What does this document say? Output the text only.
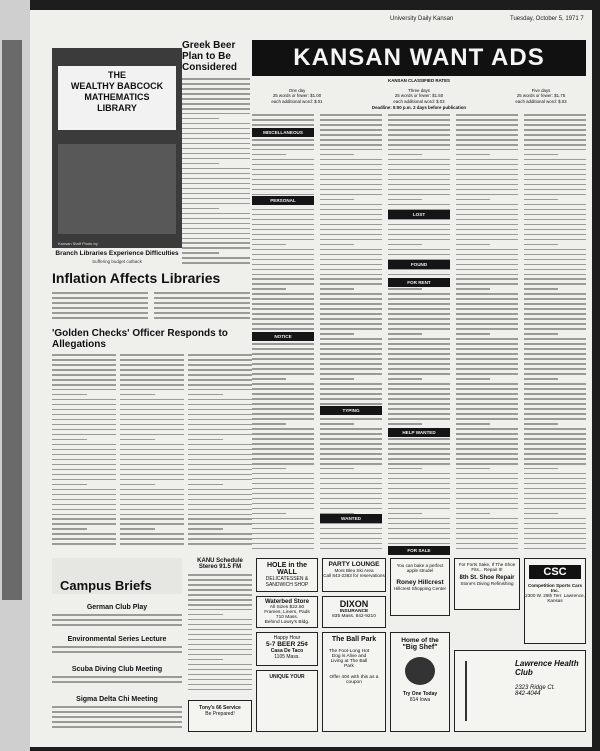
University Daily Kansan	Tuesday, October 5, 1971 7
THE
WEALTHY BABCOCK
MATHEMATICS
LIBRARY
Kansan Staff Photo by
Branch Libraries Experience Difficulties
Suffering budget cutback
Greek Beer Plan to Be Considered
Inflation Affects Libraries
'Golden Checks' Officer Responds to Allegations
Campus Briefs
German Club Play
Environmental Series Lecture
Scuba Diving Club Meeting
Sigma Delta Chi Meeting
KANU Schedule
Stereo 91.5 FM
Tony's 66 Service
Be Prepared!
KANSAN WANT ADS
KANSAN CLASSIFIED RATES
One day
25 words or fewer: $1.00
each additional word: $.01
Three days
25 words or fewer: $1.50
each additional word: $.03
Five days
25 words or fewer: $1.75
each additional word: $.03
Deadline: 5:00 p.m. 2 days before publication
MISCELLANEOUS
PERSONAL
NOTICE
TYPING
WANTED
LOST
FOUND
FOR RENT
HELP WANTED
FOR SALE
HOLE in the WALL
DELICATESSEN & SANDWICH SHOP
PARTY LOUNGE
Mont Bleu Ski Area
Call 843-2363 for reservations
You can bake a perfect apple strudel
Roney Hillcrest
Hillcrest Shopping Center
For Forts Sake, If The Shoe Fits... Repair It!
8th St. Shoe Repair
Stone's Diving Refinishing
CSC
Competition Sports Cars Inc.
2300 W. 29th Terr. Lawrence, Kansas
Waterbed Store
All Sizes $22.50
Frames, Liners, Pads
710 Mass.
Behind Lowry's Bldg.
DIXON
INSURANCE
835 Mass. 842-9210
Happy Hour
5-7 BEER 25¢
Casa De Taco
1105 Mass.
The Ball Park
The Foot-Long Hot Dog is Alive and Living at The Ball Park
Offer 40¢ with this as a coupon
Home of the
"Big Shef"
Try One Today
814 Iowa
Lawrence Health Club
2323 Ridge Ct.
842-4044
UNIQUE YOUR
